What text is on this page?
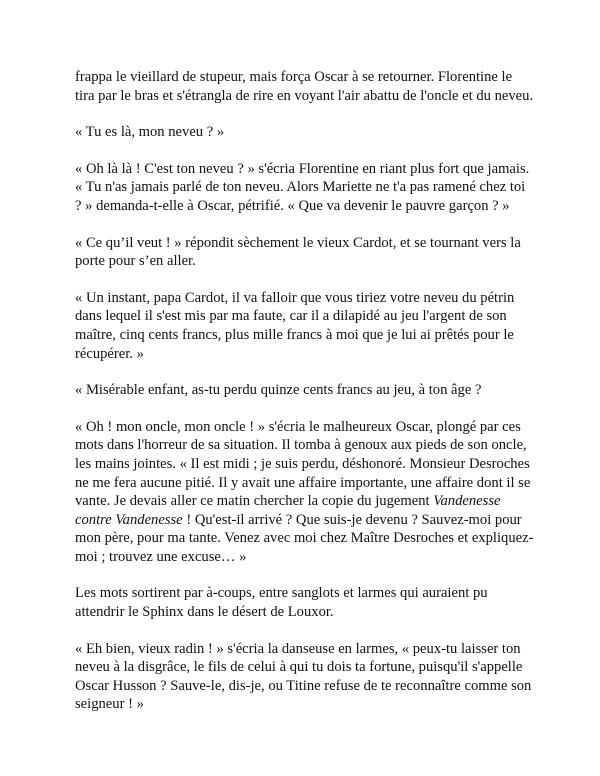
frappa le vieillard de stupeur, mais força Oscar à se retourner. Florentine le tira par le bras et s'étrangla de rire en voyant l'air abattu de l'oncle et du neveu.

« Tu es là, mon neveu ? »

« Oh là là ! C'est ton neveu ? » s'écria Florentine en riant plus fort que jamais. « Tu n'as jamais parlé de ton neveu. Alors Mariette ne t'a pas ramené chez toi ? » demanda-t-elle à Oscar, pétrifié. « Que va devenir le pauvre garçon ? »

« Ce qu’il veut ! » répondit sèchement le vieux Cardot, et se tournant vers la porte pour s’en aller.

« Un instant, papa Cardot, il va falloir que vous tiriez votre neveu du pétrin dans lequel il s'est mis par ma faute, car il a dilapidé au jeu l'argent de son maître, cinq cents francs, plus mille francs à moi que je lui ai prêtés pour le récupérer. »

« Misérable enfant, as-tu perdu quinze cents francs au jeu, à ton âge ?

« Oh ! mon oncle, mon oncle ! » s'écria le malheureux Oscar, plongé par ces mots dans l'horreur de sa situation. Il tomba à genoux aux pieds de son oncle, les mains jointes. « Il est midi ; je suis perdu, déshonoré. Monsieur Desroches ne me fera aucune pitié. Il y avait une affaire importante, une affaire dont il se vante. Je devais aller ce matin chercher la copie du jugement Vandenesse contre Vandenesse ! Qu'est-il arrivé ? Que suis-je devenu ? Sauvez-moi pour mon père, pour ma tante. Venez avec moi chez Maître Desroches et expliquez-moi ; trouvez une excuse… »

Les mots sortirent par à-coups, entre sanglots et larmes qui auraient pu attendrir le Sphinx dans le désert de Louxor.

« Eh bien, vieux radin ! » s'écria la danseuse en larmes, « peux-tu laisser ton neveu à la disgrâce, le fils de celui à qui tu dois ta fortune, puisqu'il s'appelle Oscar Husson ? Sauve-le, dis-je, ou Titine refuse de te reconnaître comme son seigneur ! »
